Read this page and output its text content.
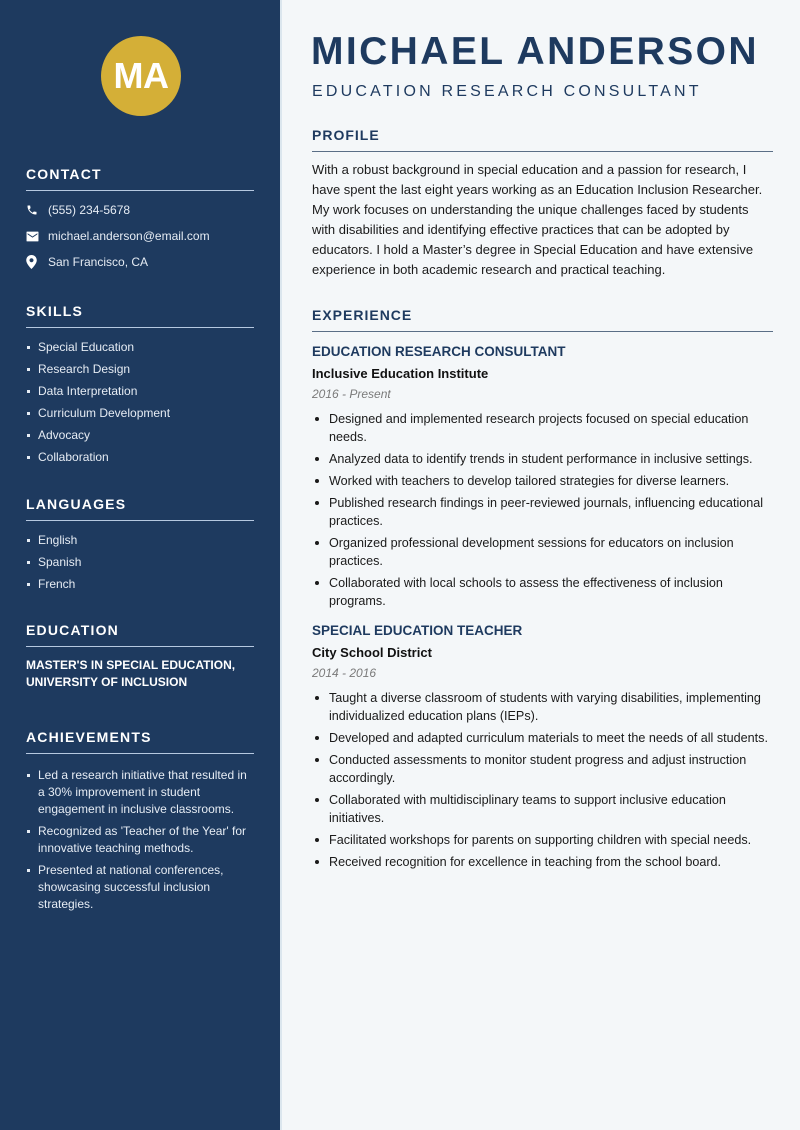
MA
CONTACT
(555) 234-5678
michael.anderson@email.com
San Francisco, CA
SKILLS
Special Education
Research Design
Data Interpretation
Curriculum Development
Advocacy
Collaboration
LANGUAGES
English
Spanish
French
EDUCATION
MASTER'S IN SPECIAL EDUCATION,
UNIVERSITY OF INCLUSION
ACHIEVEMENTS
Led a research initiative that resulted in a 30% improvement in student engagement in inclusive classrooms.
Recognized as 'Teacher of the Year' for innovative teaching methods.
Presented at national conferences, showcasing successful inclusion strategies.
MICHAEL ANDERSON
EDUCATION RESEARCH CONSULTANT
PROFILE

With a robust background in special education and a passion for research, I have spent the last eight years working as an Education Inclusion Researcher. My work focuses on understanding the unique challenges faced by students with disabilities and identifying effective practices that can be adopted by educators. I hold a Master’s degree in Special Education and have extensive experience in both academic research and practical teaching.

EXPERIENCE
EDUCATION RESEARCH CONSULTANT
Inclusive Education Institute
2016 - Present
Designed and implemented research projects focused on special education needs.
Analyzed data to identify trends in student performance in inclusive settings.
Worked with teachers to develop tailored strategies for diverse learners.
Published research findings in peer-reviewed journals, influencing educational practices.
Organized professional development sessions for educators on inclusion practices.
Collaborated with local schools to assess the effectiveness of inclusion programs.
SPECIAL EDUCATION TEACHER
City School District
2014 - 2016
Taught a diverse classroom of students with varying disabilities, implementing individualized education plans (IEPs).
Developed and adapted curriculum materials to meet the needs of all students.
Conducted assessments to monitor student progress and adjust instruction accordingly.
Collaborated with multidisciplinary teams to support inclusive education initiatives.
Facilitated workshops for parents on supporting children with special needs.
Received recognition for excellence in teaching from the school board.
